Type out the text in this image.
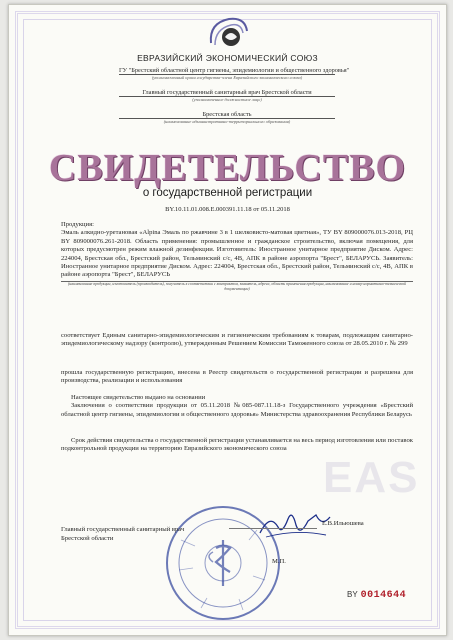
ЕВРАЗИЙСКИЙ ЭКОНОМИЧЕСКИЙ СОЮЗ
ГУ "Брестский областной центр гигиены, эпидемиологии и общественного здоровья"
(уполномоченный орган государства-члена Евразийского экономического союза)
Главный государственный санитарный врач Брестской области
(уполномоченное должностное лицо)
Брестская область
(наименование административно-территориального образования)
СВИДЕТЕЛЬСТВО
о государственной регистрации
BY.10.11.01.008.Е.000391.11.18 от 05.11.2018

Продукция:

Эмаль алкидно-уретановая «Alpina Эмаль по ржавчине 3 в 1 шелковисто-матовая цветная», ТУ BY 809000076.013-2018, РЦ BY 809000076.261-2018. Область применения: промышленное и гражданское строительство, включая помещения, для которых предусмотрен режим влажной дезинфекции. Изготовитель: Иностранное унитарное предприятие Диском. Адрес: 224004, Брестская обл., Брестский район, Тельминский с/с, 4В, АПК в районе аэропорта "Брест", БЕЛАРУСЬ. Заявитель: Иностранное унитарное предприятие Диском. Адрес: 224004, Брестская обл., Брестский район, Тельминский с/с, 4В, АПК в районе аэропорта "Брест", БЕЛАРУСЬ

(наименование продукции, изготовитель (производитель), получатель в соответствии с контрактом, заявитель, адреса, область применения продукции, наименование и номер нормативно-технической документации)

соответствует Единым санитарно-эпидемиологическим и гигиеническим требованиям к товарам, подлежащим санитарно-эпидемиологическому надзору (контролю), утвержденным Решением Комиссии Таможенного союза от 28.05.2010 г. № 299

прошла государственную регистрацию, внесена в Реестр свидетельств о государственной регистрации и разрешена для производства, реализации и использования

Настоящее свидетельство выдано на основании

Заключения о соответствии продукции от 05.11.2018 №085-087.11.18-з Государственного учреждения «Брестский областной центр гигиены, эпидемиологии и общественного здоровья» Министерства здравоохранения Республики Беларусь

Срок действия свидетельства о государственной регистрации устанавливается на весь период изготовления или поставок подконтрольной продукции на территорию Евразийского экономического союза

EAS
Главный государственный санитарный врач
Брестской области
Е.В.Ильюшева
М.П.
BY 0014644
